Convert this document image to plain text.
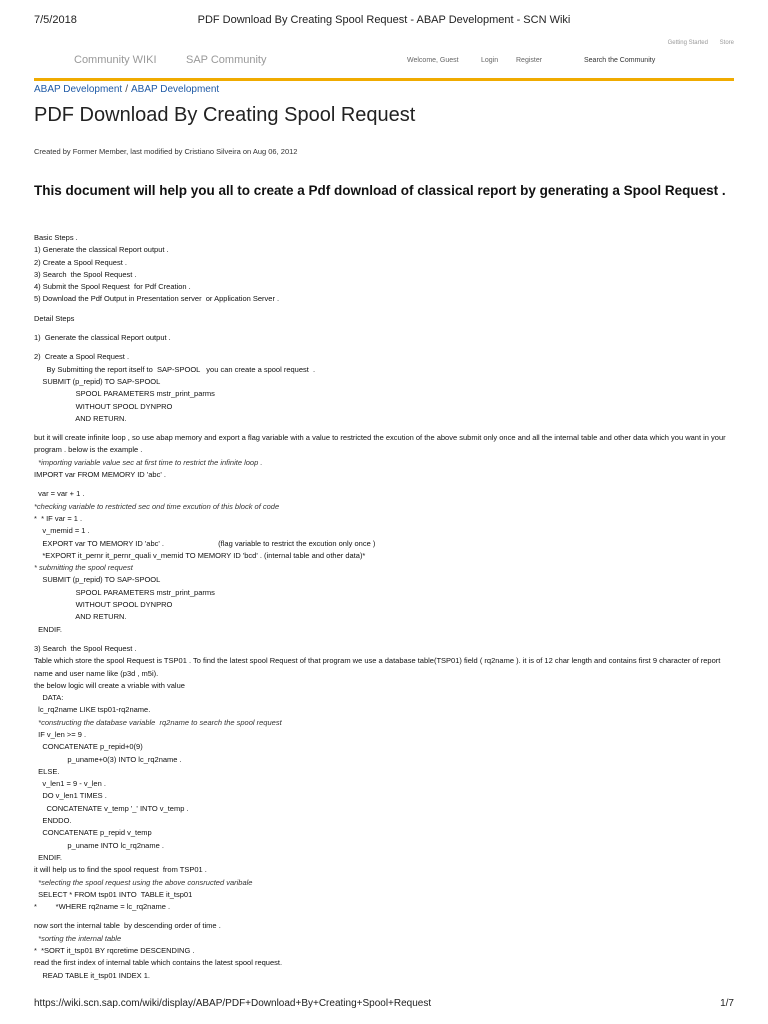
7/5/2018	PDF Download By Creating Spool Request - ABAP Development - SCN Wiki
Getting Started Store
Community WIKI	SAP Community	Welcome, Guest	Login	Register	Search the Community
ABAP Development / ABAP Development
PDF Download By Creating Spool Request
Created by Former Member, last modified by Cristiano Silveira on Aug 06, 2012

This document will help you all to create a Pdf download of classical report by generating a Spool Request .

Basic Steps .
1) Generate the classical Report output .
2) Create a Spool Request .
3) Search  the Spool Request .
4) Submit the Spool Request  for Pdf Creation .
5) Download the Pdf Output in Presentation server  or Application Server .
Detail Steps
1)  Generate the classical Report output .
2)  Create a Spool Request .
By Submitting the report itself to  SAP-SPOOL   you can create a spool request  .
SUBMIT (p_repid) TO SAP-SPOOL
SPOOL PARAMETERS mstr_print_parms
WITHOUT SPOOL DYNPRO
AND RETURN.
but it will create infinite loop , so use abap memory and export a flag variable with a value to restricted the excution of the above submit only once and all the internal table and other data which you want in your program . below is the example .
*importing variable value sec at first time to restrict the infinite loop .
IMPORT var FROM MEMORY ID 'abc' .
var = var + 1 .
*checking variable to restricted sec ond time excution of this block of code
*  * IF var = 1 .
v_memid = 1 .
EXPORT var TO MEMORY ID 'abc' .                          (flag variable to restrict the excution only once )
*EXPORT it_pernr it_pernr_quali v_memid TO MEMORY ID 'bcd' . (internal table and other data)*
* submitting the spool request
SUBMIT (p_repid) TO SAP-SPOOL
SPOOL PARAMETERS mstr_print_parms
WITHOUT SPOOL DYNPRO
AND RETURN.
ENDIF.
3) Search  the Spool Request .
Table which store the spool Request is TSP01 . To find the latest spool Request of that program we use a database table(TSP01) field ( rq2name ). it is of 12 char length and contains first 9 character of report name and user name like (p3d , m5i).
the below logic will create a vriable with value
DATA:
lc_rq2name LIKE tsp01-rq2name.
*constructing the database variable  rq2name to search the spool request
IF v_len >= 9 .
CONCATENATE p_repid+0(9)
p_uname+0(3) INTO lc_rq2name .
ELSE.
v_len1 = 9 - v_len .
DO v_len1 TIMES .
CONCATENATE v_temp '_' INTO v_temp .
ENDDO.
CONCATENATE p_repid v_temp
p_uname INTO lc_rq2name .
ENDIF.
it will help us to find the spool request  from TSP01 .
*selecting the spool request using the above consructed varibale
SELECT * FROM tsp01 INTO  TABLE it_tsp01
*         *WHERE rq2name = lc_rq2name .
now sort the internal table  by descending order of time .
*sorting the internal table
*  *SORT it_tsp01 BY rqcretime DESCENDING .
read the first index of internal table which contains the latest spool request.
READ TABLE it_tsp01 INDEX 1.
https://wiki.scn.sap.com/wiki/display/ABAP/PDF+Download+By+Creating+Spool+Request	1/7
